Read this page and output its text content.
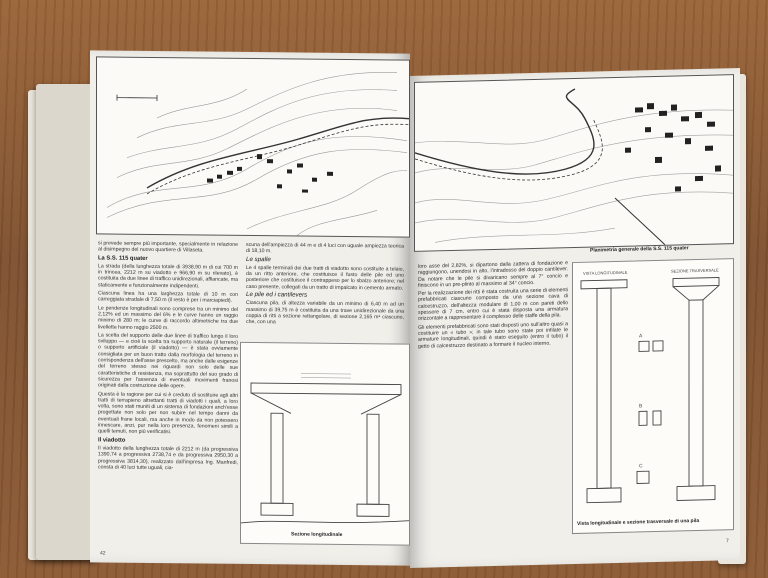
si prevede sempre più importante, specialmente in relazione al disimpegno del nuovo quartiere di Villaseta.

La S.S. 115 quater

La strada (della lunghezza totale di 3938,90 m di cui 700 m in trincea, 2212 m su viadotto e 966,90 m su rilevato), è costituita da due linee di traffico unidirezionali, affiancate, ma staticamente e funzionalmente indipendenti.

Ciascuna linea ha una larghezza totale di 10 m con carreggiata stradale di 7,50 m (il resto è per i marciapiedi).

Le pendenze longitudinali sono comprese tra un minimo del 2,12% ed un massimo del 6% e le curve hanno un raggio minimo di 280 m; le curve di raccordo altimetriche tra due livellette hanno raggio 2500 m.

La scelta del supporto delle due linee di traffico lungo il loro sviluppo — e cioè la scelta tra supporto naturale (il terreno) o supporto artificiale (il viadotto) — è stata ovviamente consigliata per un buon tratto dalla morfologia del terreno in corrispondenza dell'asse prescelto, ma anche dalle esigenze del terreno stesso nei riguardi non solo delle sue caratteristiche di resistenza, ma soprattutto del suo grado di sicurezza per l'assenza di eventuali movimenti franosi originati dalla costruzione delle opere.

Questa è la ragione per cui si è creduto di sostituire agli altri tratti di terrapieno altrettanti tratti di viadotti i quali, a loro volta, sono stati muniti di un sistema di fondazioni anch'esse progettate non solo per non subire nel tempo danni da eventuali frane locali, ma anche in modo da non potessero innescare, anzi, pur nella loro presenza, fenomeni simili a quelli temuti, non più verificatisi.

Il viadotto

Il viadotto della lunghezza totale di 2212 m (da progressiva 1390,74 a progressiva 2738,74 e da progressiva 2950,30 a progressiva 3814,30), realizzato dall'impresa Ing. Manfredi, consta di 40 luci tutte uguali, cia-

scuna dell'ampiezza di 44 m e di 4 luci con uguale ampiezza teorica di 18,10 m.

Le spalle

Le 4 spalle terminali dei due tratti di viadotto sono costituite a telaio, da un ritto anteriore, che costituisce il fusto delle pile ed uno posteriore che costituisce il contrappeso per lo sbalzo anteriore; nel caso presente, collegati da un tratto di impalcato in cemento armato.

Le pile ed i cantilevers

Ciascuna pila, di altezza variabile da un minimo di 6,40 m ad un massimo di 39,75 m è costituita da una trave unidirezionale da una coppia di ritti a sezione rettangolare, di sezione 2,165 m² ciascuno, che, con una

Sezione longitudinale
42
Planimetria generale della S.S. 115 quater

loro asse del 2,82%, si dipartono dalla zattera di fondazione e raggiungono, unendosi in alto, l'intradosso del doppio cantilever. Da notare che le pile si divaricano sempre al 7° concio e finiscono in un pre-plinto al massimo al 34° concio.

Per la realizzazione dei ritti è stata costruita una serie di elementi prefabbricati ciascuno composto da una sezione cava di calcestruzzo, dell'altezza modulare di 1,00 m con pareti dello spessore di 7 cm, entro cui è stata disposta una armatura orizzontale a rappresentare il complesso delle staffe della pila.

Gli elementi prefabbricati sono stati disposti uno sull'altro quasi a costituire un « tubo »; in tale tubo sono state poi infilate le armature longitudinali, quindi è stato eseguito (entro il tubo) il getto di calcestruzzo destinato a formare il nucleo interno.

VISTA LONGITUDINALE	SEZIONE TRASVERSALE
A
B
C
Vista longitudinale e sezione trasversale di una pila
7
